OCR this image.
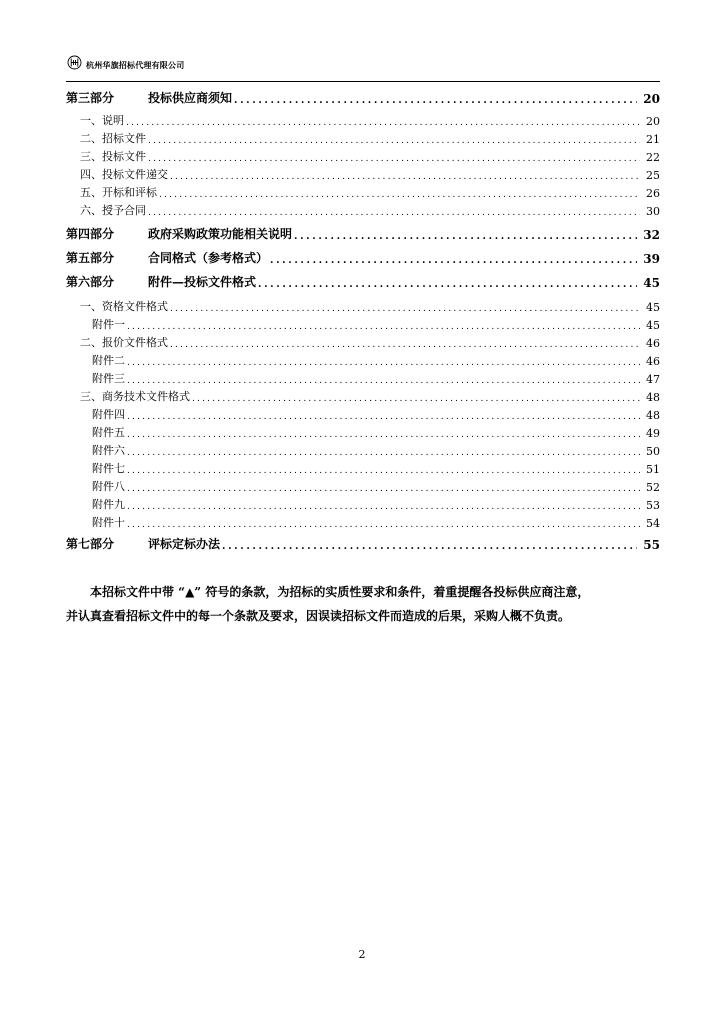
杭州华旗招标代理有限公司
第三部分	投标供应商须知 .....	20
一、说明 .....	20
二、招标文件 .....	21
三、投标文件 .....	22
四、投标文件递交 .....	25
五、开标和评标 .....	26
六、授予合同 .....	30
第四部分	政府采购政策功能相关说明 .....	32
第五部分	合同格式（参考格式） .....	39
第六部分	附件—投标文件格式 .....	45
一、资格文件格式 .....	45
附件一 .....	45
二、报价文件格式 .....	46
附件二 .....	46
附件三 .....	47
三、商务技术文件格式 .....	48
附件四 .....	48
附件五 .....	49
附件六 .....	50
附件七 .....	51
附件八 .....	52
附件九 .....	53
附件十 .....	54
第七部分	评标定标办法 .....	55
本招标文件中带 “▲” 符号的条款，为招标的实质性要求和条件，着重提醒各投标供应商注意，
并认真查看招标文件中的每一个条款及要求，因误读招标文件而造成的后果，采购人概不负责。
2
